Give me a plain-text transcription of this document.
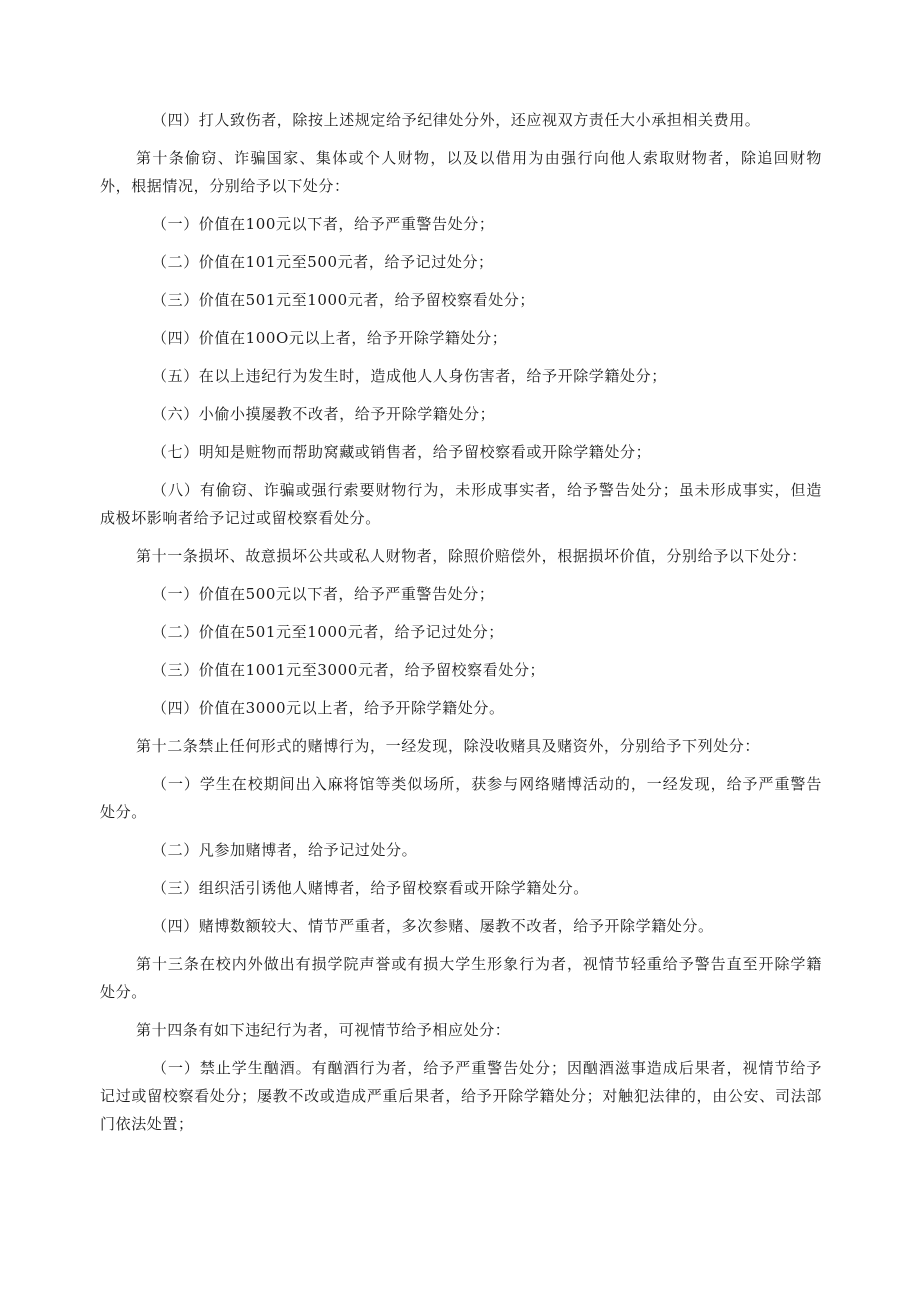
（四）打人致伤者，除按上述规定给予纪律处分外，还应视双方责任大小承担相关费用。

第十条偷窃、诈骗国家、集体或个人财物，以及以借用为由强行向他人索取财物者，除追回财物外，根据情况，分别给予以下处分：

（一）价值在100元以下者，给予严重警告处分；

（二）价值在101元至500元者，给予记过处分；

（三）价值在501元至1000元者，给予留校察看处分；

（四）价值在100O元以上者，给予开除学籍处分；

（五）在以上违纪行为发生时，造成他人人身伤害者，给予开除学籍处分；

（六）小偷小摸屡教不改者，给予开除学籍处分；

（七）明知是赃物而帮助窝藏或销售者，给予留校察看或开除学籍处分；

（八）有偷窃、诈骗或强行索要财物行为，未形成事实者，给予警告处分；虽未形成事实，但造成极坏影响者给予记过或留校察看处分。

第十一条损坏、故意损坏公共或私人财物者，除照价赔偿外，根据损坏价值，分别给予以下处分：

（一）价值在500元以下者，给予严重警告处分；

（二）价值在501元至1000元者，给予记过处分；

（三）价值在1001元至3000元者，给予留校察看处分；

（四）价值在3000元以上者，给予开除学籍处分。

第十二条禁止任何形式的赌博行为，一经发现，除没收赌具及赌资外，分别给予下列处分：

（一）学生在校期间出入麻将馆等类似场所，获参与网络赌博活动的，一经发现，给予严重警告处分。

（二）凡参加赌博者，给予记过处分。

（三）组织活引诱他人赌博者，给予留校察看或开除学籍处分。

（四）赌博数额较大、情节严重者，多次参赌、屡教不改者，给予开除学籍处分。

第十三条在校内外做出有损学院声誉或有损大学生形象行为者，视情节轻重给予警告直至开除学籍处分。

第十四条有如下违纪行为者，可视情节给予相应处分：

（一）禁止学生酗酒。有酗酒行为者，给予严重警告处分；因酗酒滋事造成后果者，视情节给予记过或留校察看处分；屡教不改或造成严重后果者，给予开除学籍处分；对触犯法律的，由公安、司法部门依法处置；
